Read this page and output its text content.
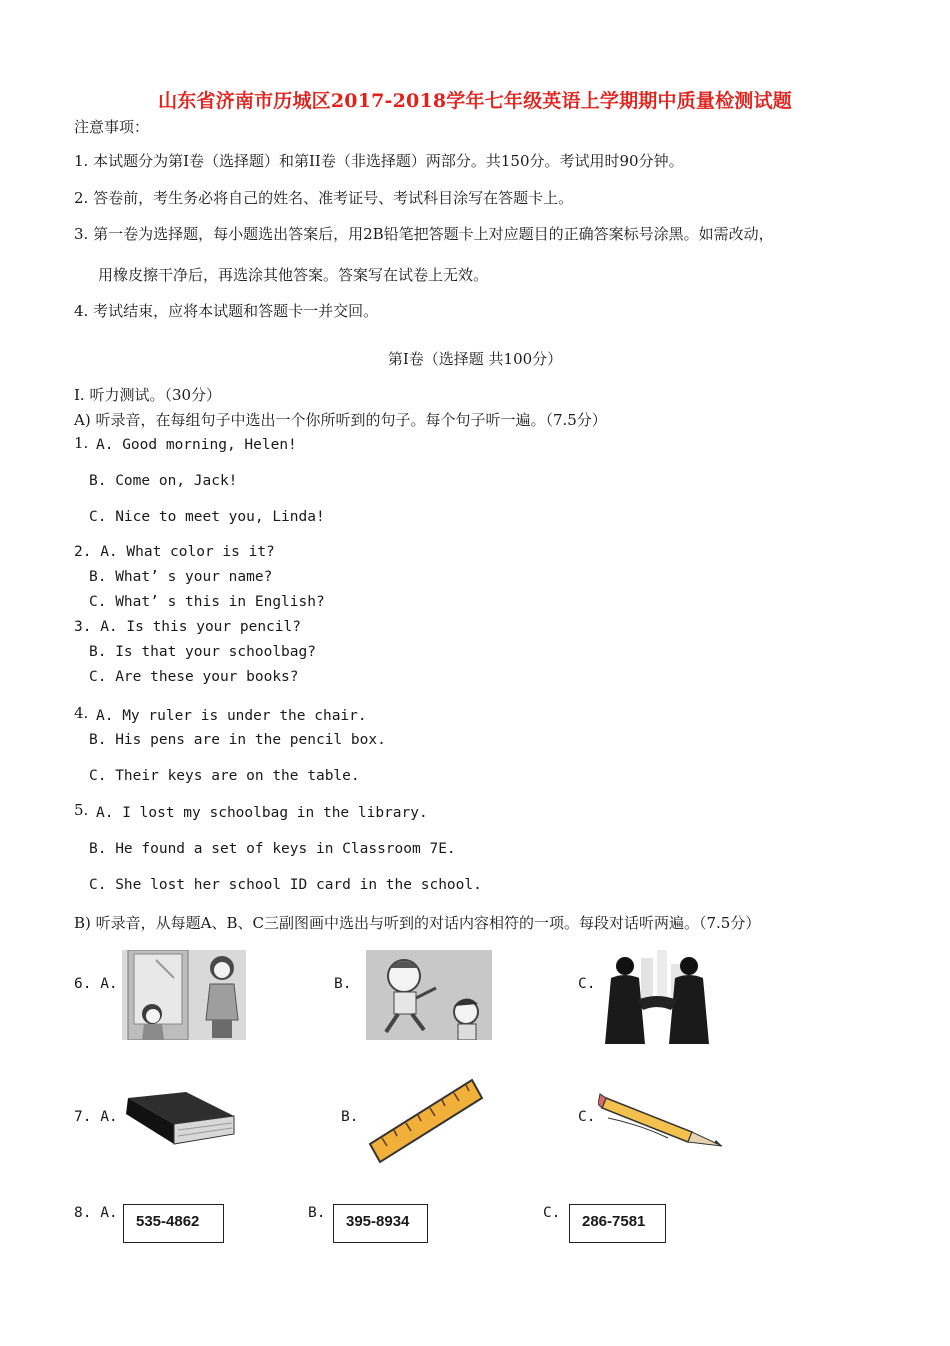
山东省济南市历城区2017-2018学年七年级英语上学期期中质量检测试题
注意事项：
1. 本试题分为第I卷（选择题）和第II卷（非选择题）两部分。共150分。考试用时90分钟。
2. 答卷前，考生务必将自己的姓名、准考证号、考试科目涂写在答题卡上。
3. 第一卷为选择题，每小题选出答案后，用2B铅笔把答题卡上对应题目的正确答案标号涂黑。如需改动，
用橡皮擦干净后，再选涂其他答案。答案写在试卷上无效。
4. 考试结束，应将本试题和答题卡一并交回。
第I卷（选择题 共100分）
I. 听力测试。（30分）
A) 听录音，在每组句子中选出一个你所听到的句子。每个句子听一遍。（7.5分）
1. A. Good morning, Helen!
B. Come on, Jack!
C. Nice to meet you, Linda!
2. A. What color is it?
B. What’ s your name?
C. What’ s this in English?
3. A. Is this your pencil?
B. Is that your schoolbag?
C. Are these your books?
4. A. My ruler is under the chair.
B. His pens are in the pencil box.
C. Their keys are on the table.
5. A. I lost my schoolbag in the library.
B. He found a set of keys in Classroom 7E.
C. She lost her school ID card in the school.
B) 听录音，从每题A、B、C三副图画中选出与听到的对话内容相符的一项。每段对话听两遍。（7.5分）
6. A.	B.	C.
7. A.	B.	C.
8. A.	535-4862	B.	395-8934	C.	286-7581
